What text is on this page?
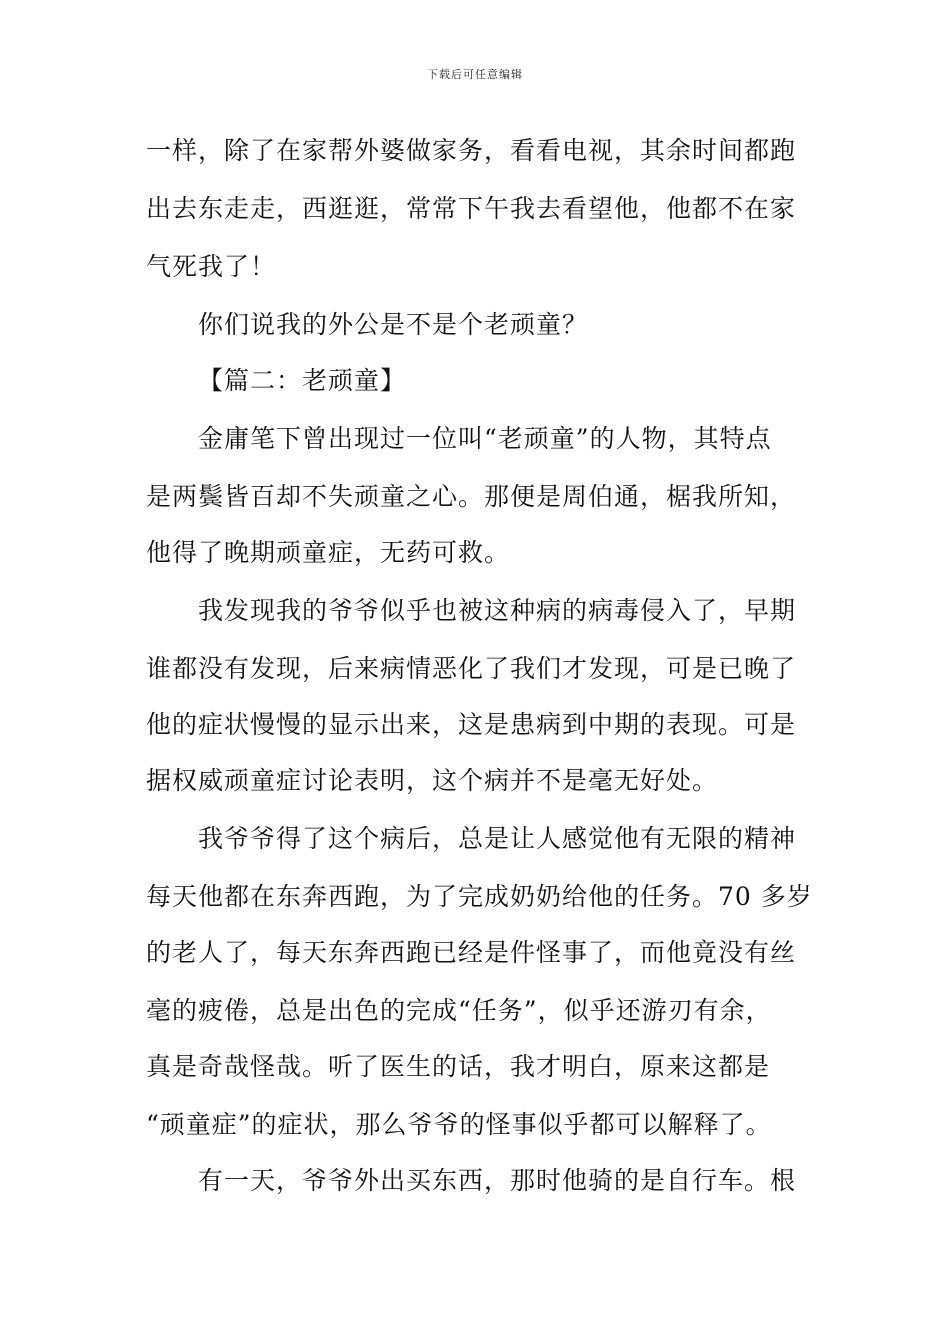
下载后可任意编辑
一样，除了在家帮外婆做家务，看看电视，其余时间都跑
出去东走走，西逛逛，常常下午我去看望他，他都不在家
气死我了！
你们说我的外公是不是个老顽童？
【篇二：老顽童】
金庸笔下曾出现过一位叫“老顽童”的人物，其特点
是两鬓皆百却不失顽童之心。那便是周伯通，椐我所知，
他得了晚期顽童症，无药可救。
我发现我的爷爷似乎也被这种病的病毒侵入了，早期
谁都没有发现，后来病情恶化了我们才发现，可是已晚了
他的症状慢慢的显示出来，这是患病到中期的表现。可是
据权威顽童症讨论表明，这个病并不是毫无好处。
我爷爷得了这个病后，总是让人感觉他有无限的精神
每天他都在东奔西跑，为了完成奶奶给他的任务。70 多岁
的老人了，每天东奔西跑已经是件怪事了，而他竟没有丝
毫的疲倦，总是出色的完成“任务”，似乎还游刃有余，
真是奇哉怪哉。听了医生的话，我才明白，原来这都是
“顽童症”的症状，那么爷爷的怪事似乎都可以解释了。
有一天，爷爷外出买东西，那时他骑的是自行车。根
